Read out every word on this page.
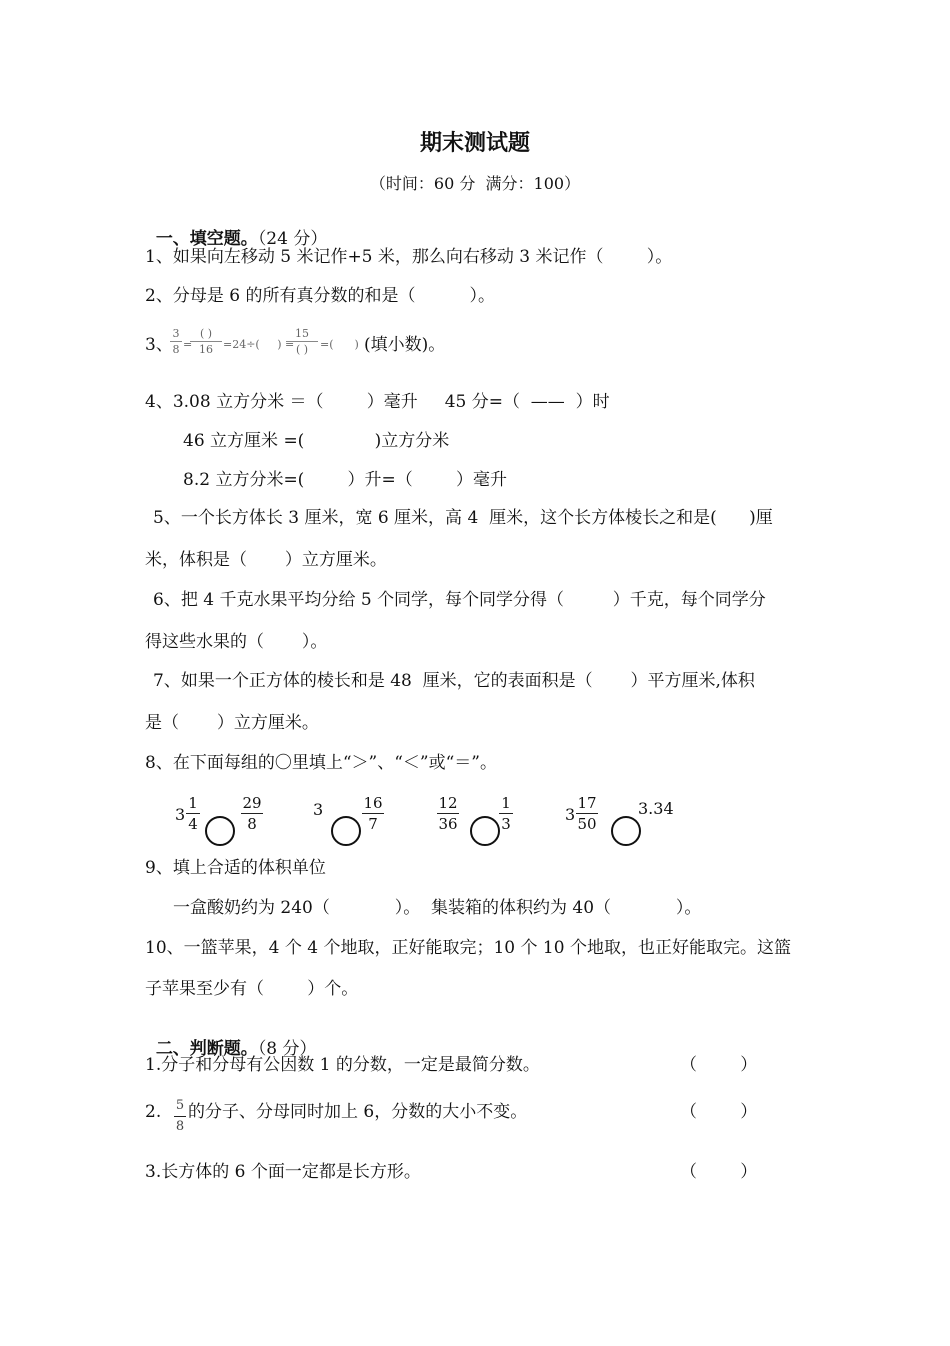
期末测试题
（时间：60 分  满分：100）

一、填空题。（24 分）

1、如果向左移动 5 米记作+5 米，那么向右移动 3 米记作（        ）。
2、分母是 6 的所有真分数的和是（          ）。
3、
3
8 =
( )
16 =24÷(     ) =
15
( )	=(      ) (填小数)。
4、3.08 立方分米 ＝（        ）毫升     45 分=（  ——  ）时
46 立方厘米 =(             )立方分米
8.2 立方分米=(        ）升=（        ）毫升
5、一个长方体长 3 厘米，宽 6 厘米，高 4  厘米，这个长方体棱长之和是(      )厘
米，体积是（       ）立方厘米。
6、把 4 千克水果平均分给 5 个同学，每个同学分得（         ）千克，每个同学分
得这些水果的（       ）。
7、如果一个正方体的棱长和是 48  厘米，它的表面积是（       ）平方厘米,体积
是（       ）立方厘米。
8、在下面每组的〇里填上“＞”、“＜”或“＝”。
3
1
4
29
8
3	16
7
12
36
1
3	3
17
50
3.34
9、填上合适的体积单位
一盒酸奶约为 240（            ）。  集装箱的体积约为 40（            ）。
10、一篮苹果，4 个 4 个地取，正好能取完；10 个 10 个地取，也正好能取完。这篮
子苹果至少有（        ）个。

二、判断题。（8 分）

1.分子和分母有公因数 1 的分数，一定是最简分数。	（        ）
2. 5
8
的分子、分母同时加上 6，分数的大小不变。	（        ）
3.长方体的 6 个面一定都是长方形。	（        ）
